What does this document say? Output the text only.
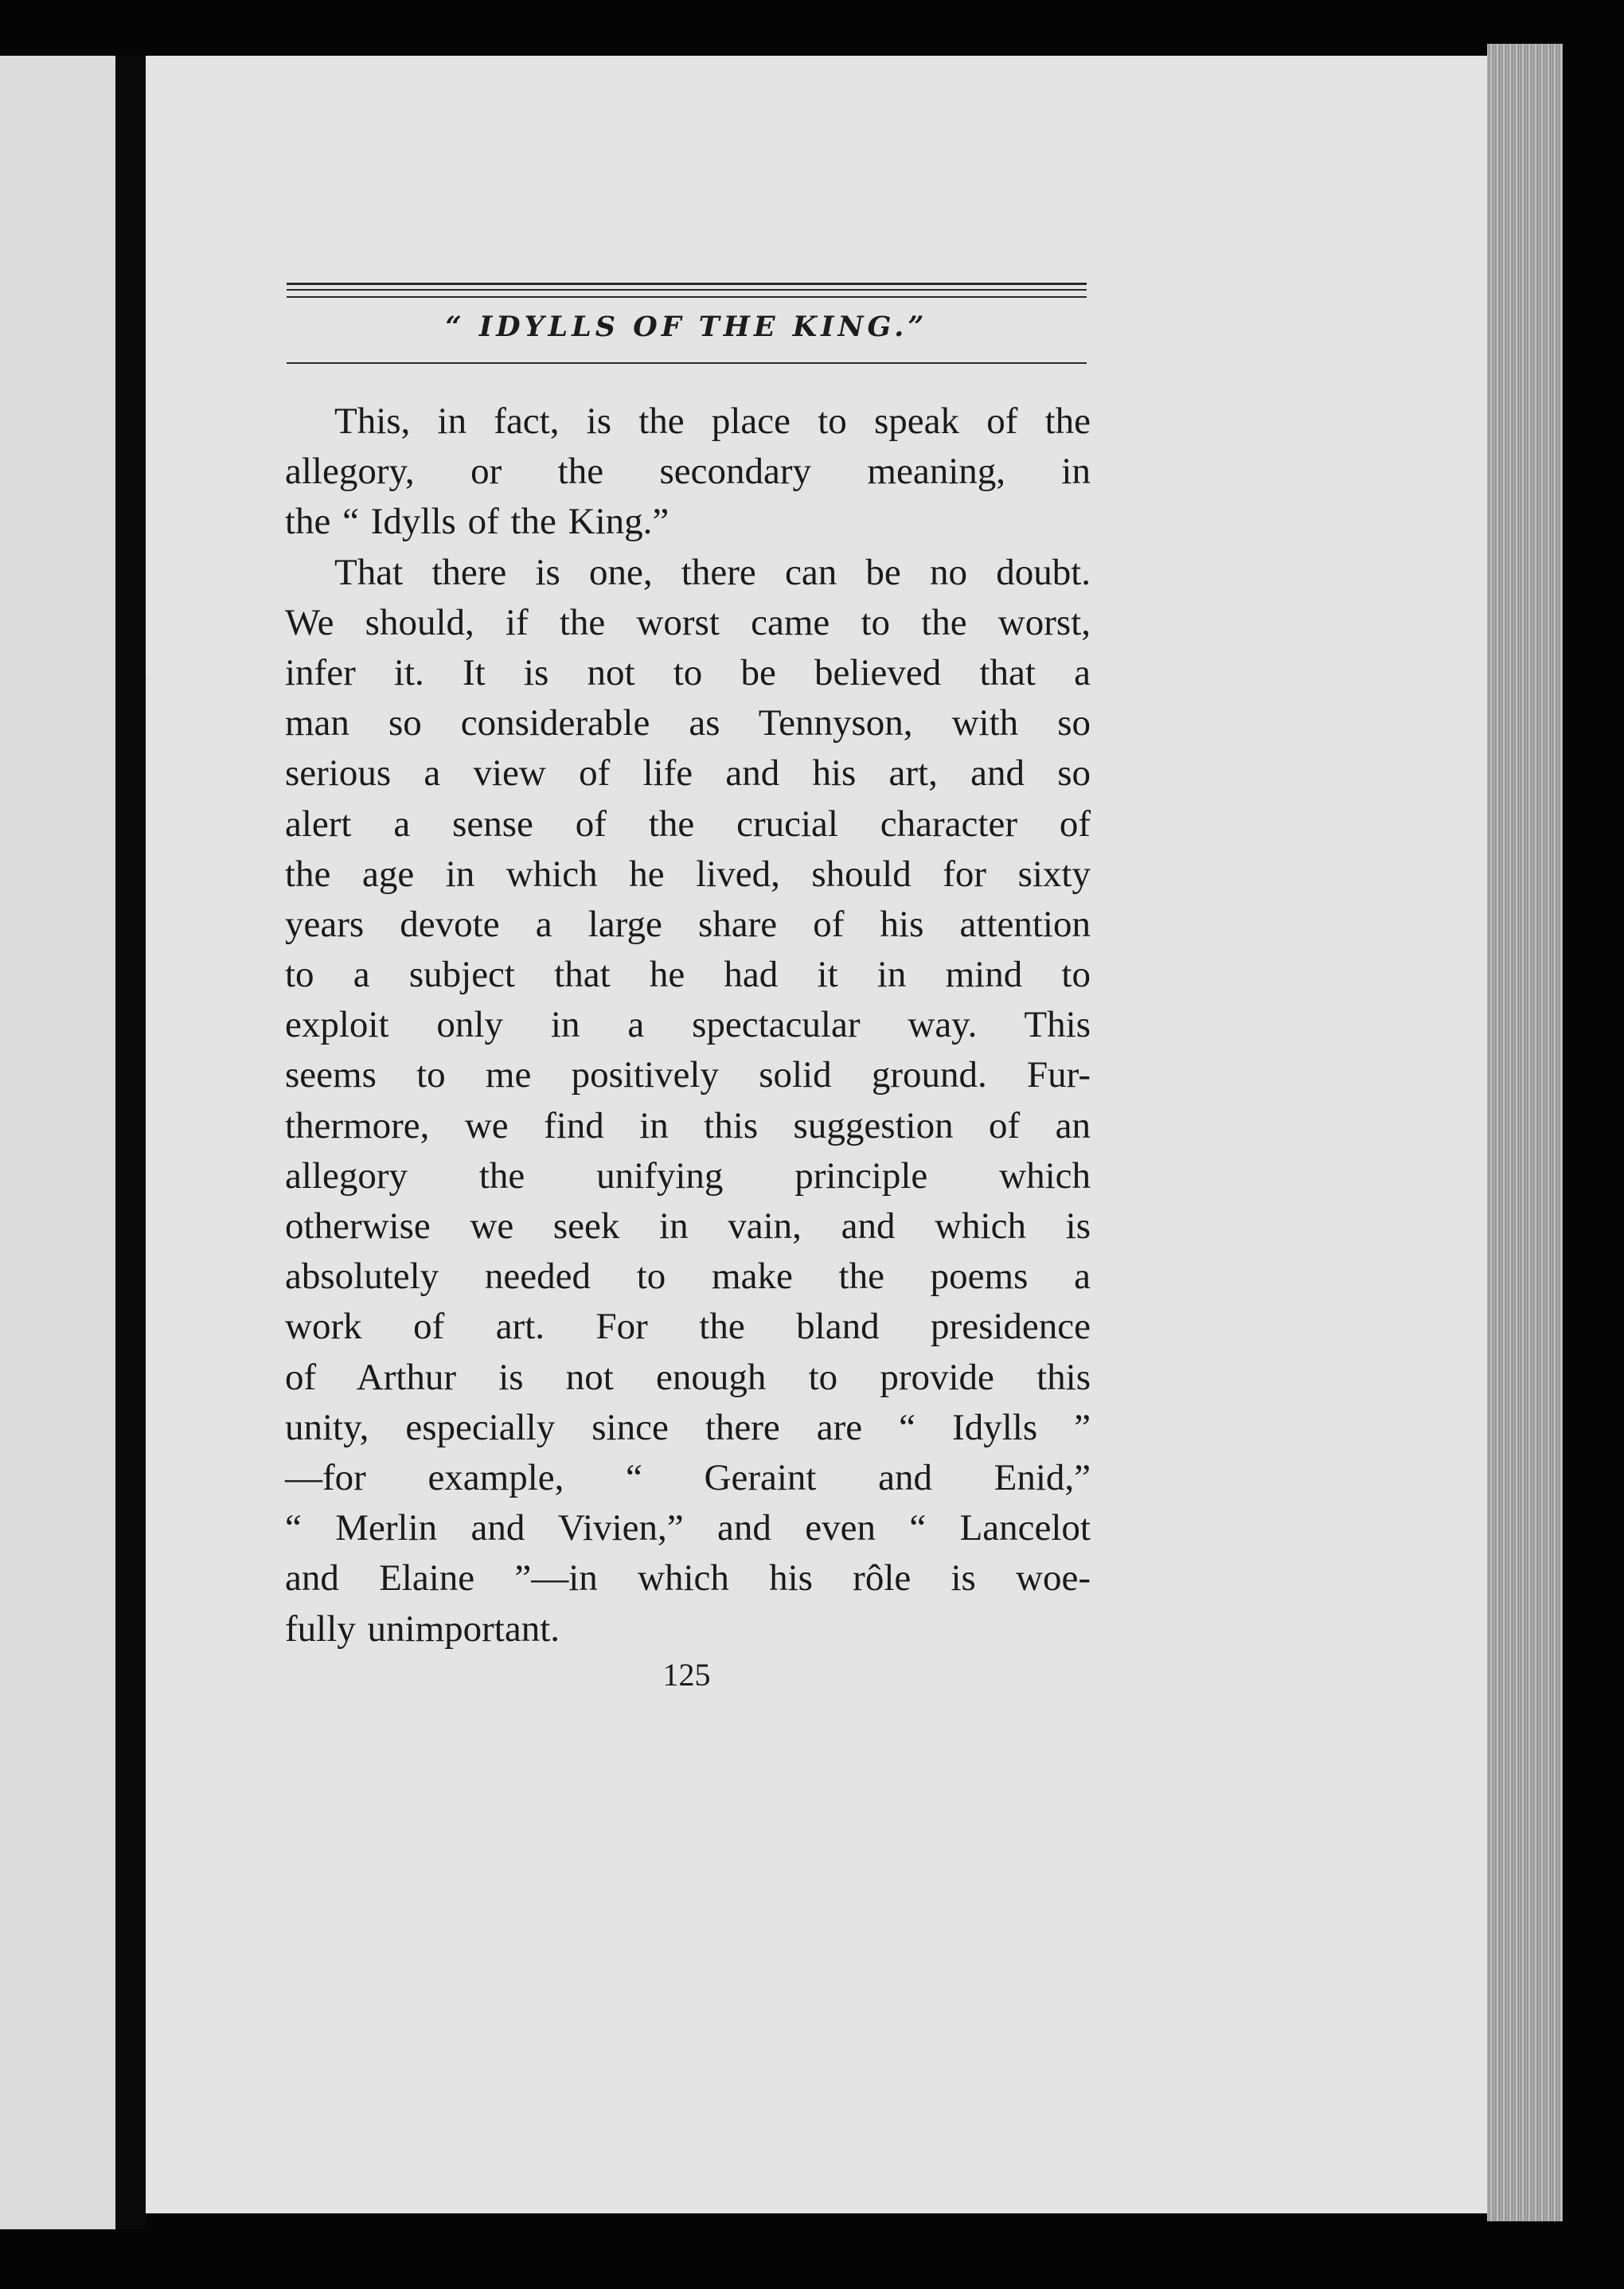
“ IDYLLS OF THE KING.”
This, in fact, is the place to speak of the
allegory, or the secondary meaning, in
the “ Idylls of the King.”
That there is one, there can be no doubt.
We should, if the worst came to the worst,
infer it. It is not to be believed that a
man so considerable as Tennyson, with so
serious a view of life and his art, and so
alert a sense of the crucial character of
the age in which he lived, should for sixty
years devote a large share of his attention
to a subject that he had it in mind to
exploit only in a spectacular way. This
seems to me positively solid ground. Fur-
thermore, we find in this suggestion of an
allegory the unifying principle which
otherwise we seek in vain, and which is
absolutely needed to make the poems a
work of art. For the bland presidence
of Arthur is not enough to provide this
unity, especially since there are “ Idylls ”
—for example, “ Geraint and Enid,”
“ Merlin and Vivien,” and even “ Lancelot
and Elaine ”—in which his rôle is woe-
fully unimportant.
125
